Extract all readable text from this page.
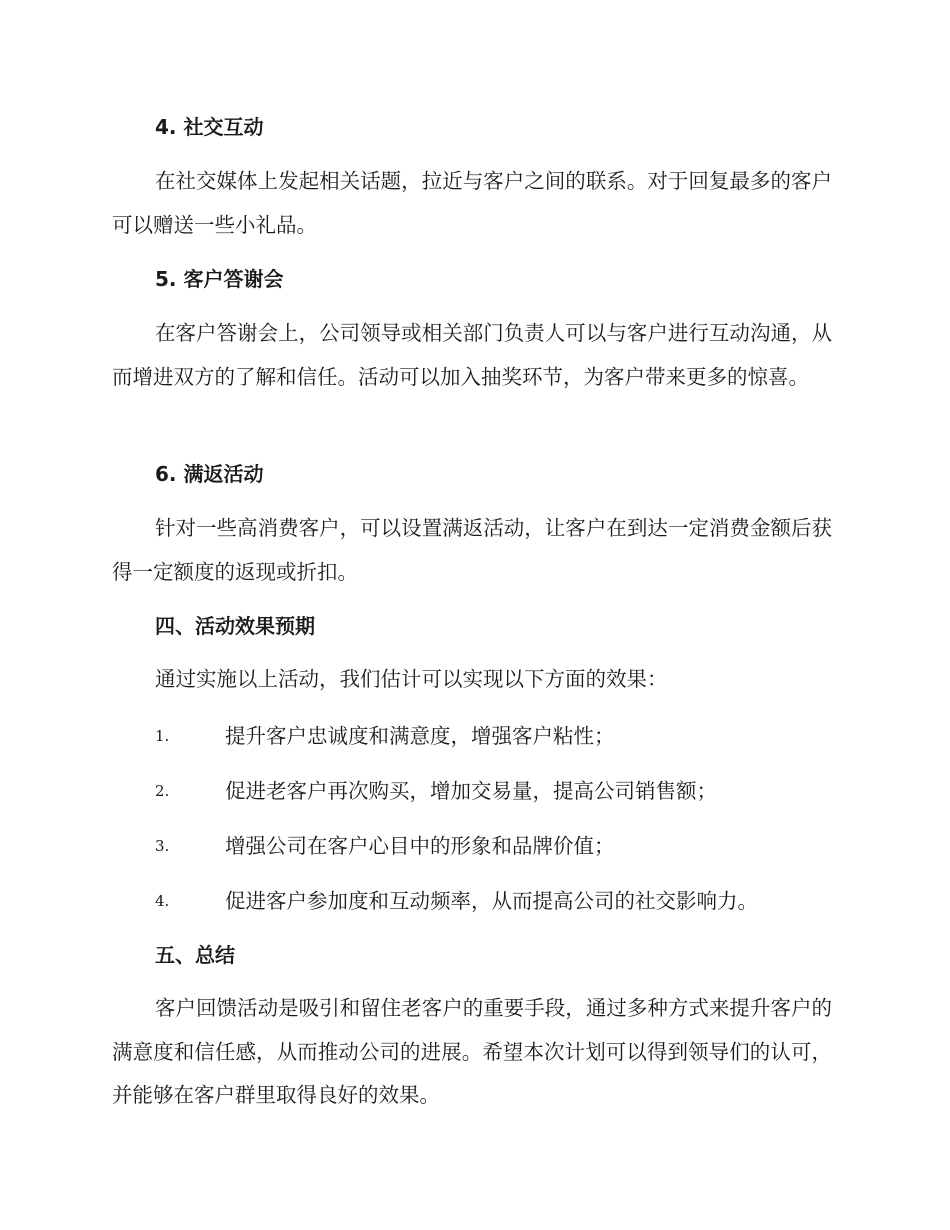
4. 社交互动

在社交媒体上发起相关话题，拉近与客户之间的联系。对于回复最多的客户可以赠送一些小礼品。

5. 客户答谢会

在客户答谢会上，公司领导或相关部门负责人可以与客户进行互动沟通，从而增进双方的了解和信任。活动可以加入抽奖环节，为客户带来更多的惊喜。

6. 满返活动

针对一些高消费客户，可以设置满返活动，让客户在到达一定消费金额后获得一定额度的返现或折扣。

四、活动效果预期

通过实施以上活动，我们估计可以实现以下方面的效果：

1.	提升客户忠诚度和满意度，增强客户粘性；
2.	促进老客户再次购买，增加交易量，提高公司销售额；
3.	增强公司在客户心目中的形象和品牌价值；
4.	促进客户参加度和互动频率，从而提高公司的社交影响力。
五、总结

客户回馈活动是吸引和留住老客户的重要手段，通过多种方式来提升客户的满意度和信任感，从而推动公司的进展。希望本次计划可以得到领导们的认可，并能够在客户群里取得良好的效果。
